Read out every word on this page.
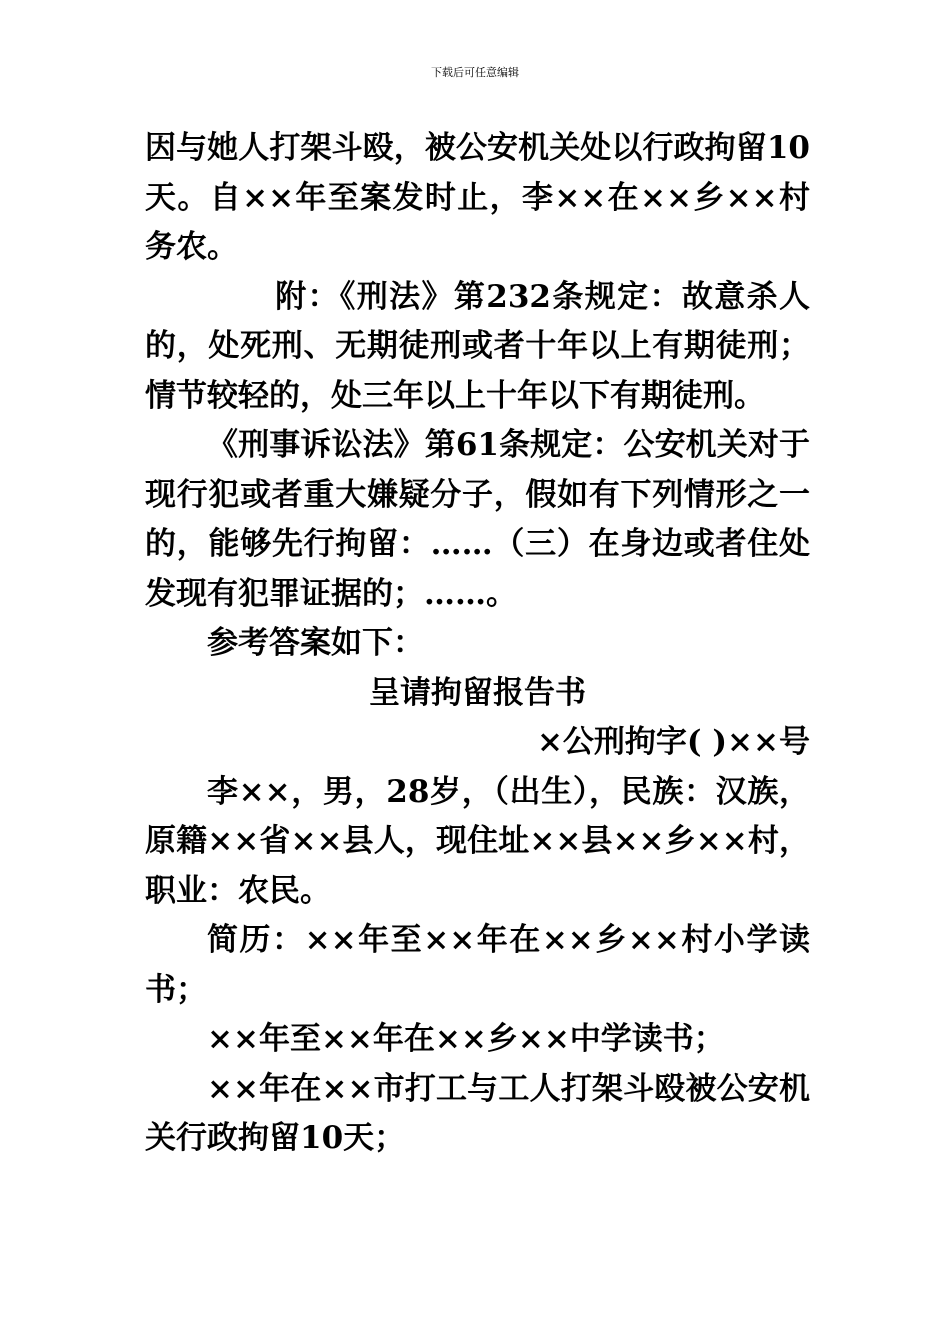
下载后可任意编辑

因与她人打架斗殴，被公安机关处以行政拘留10天。自××年至案发时止，李××在××乡××村务农。

附：《刑法》第232条规定：故意杀人的，处死刑、无期徒刑或者十年以上有期徒刑；情节较轻的，处三年以上十年以下有期徒刑。

《刑事诉讼法》第61条规定：公安机关对于现行犯或者重大嫌疑分子，假如有下列情形之一的，能够先行拘留：……（三）在身边或者住处发现有犯罪证据的；……。

参考答案如下：

呈请拘留报告书

×公刑拘字( )××号

李××，男，28岁，（出生），民族：汉族，原籍××省××县人，现住址××县××乡××村，职业：农民。

简历：××年至××年在××乡××村小学读书；

××年至××年在××乡××中学读书；

××年在××市打工与工人打架斗殴被公安机关行政拘留10天；
